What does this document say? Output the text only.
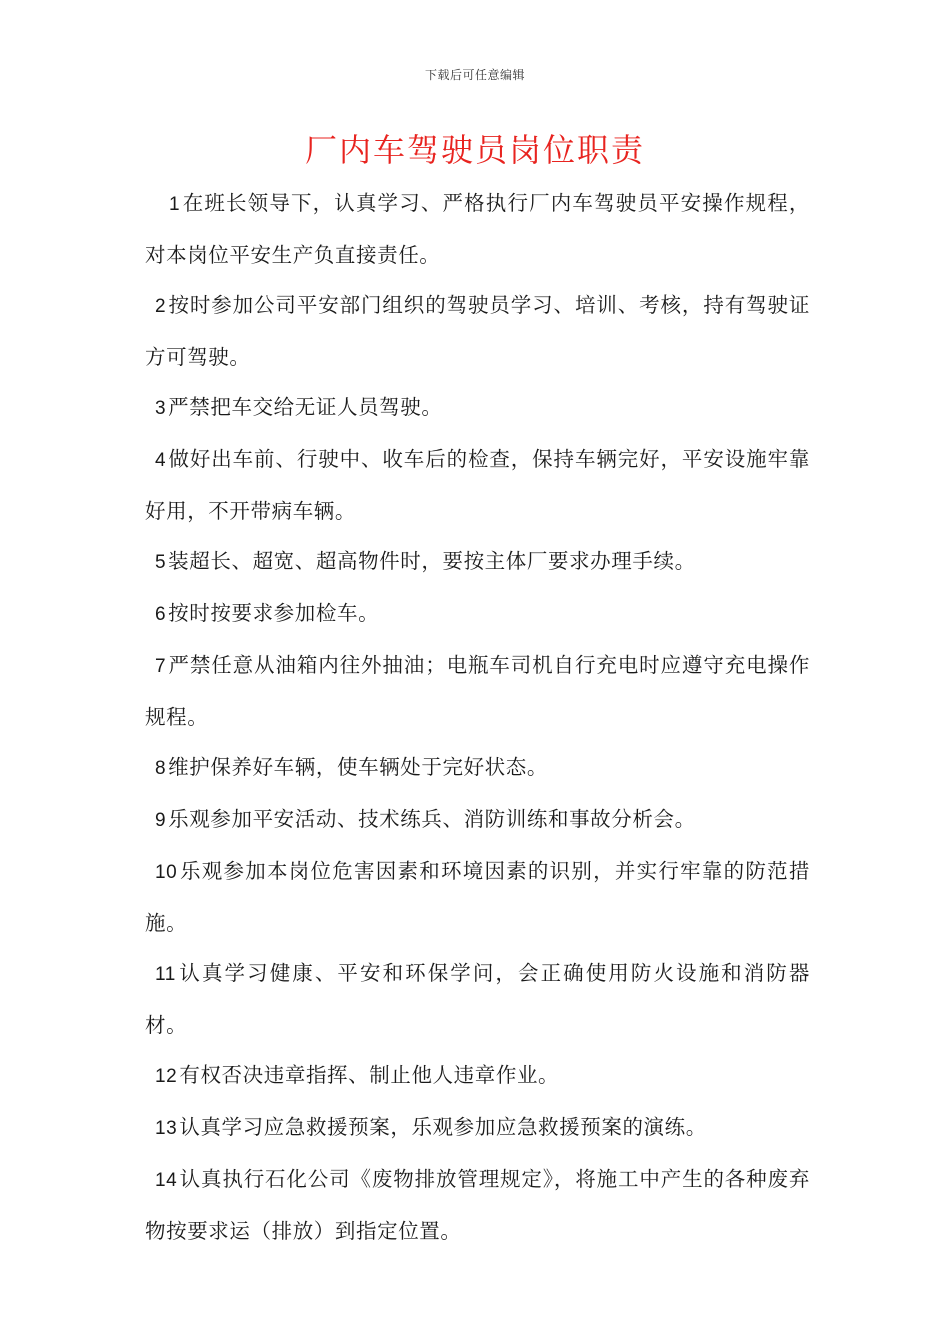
下载后可任意编辑
厂内车驾驶员岗位职责

1在班长领导下，认真学习、严格执行厂内车驾驶员平安操作规程，对本岗位平安生产负直接责任。

2按时参加公司平安部门组织的驾驶员学习、培训、考核，持有驾驶证方可驾驶。

3严禁把车交给无证人员驾驶。

4做好出车前、行驶中、收车后的检查，保持车辆完好，平安设施牢靠好用，不开带病车辆。

5装超长、超宽、超高物件时，要按主体厂要求办理手续。

6按时按要求参加检车。

7严禁任意从油箱内往外抽油；电瓶车司机自行充电时应遵守充电操作规程。

8维护保养好车辆，使车辆处于完好状态。

9乐观参加平安活动、技术练兵、消防训练和事故分析会。

10乐观参加本岗位危害因素和环境因素的识别，并实行牢靠的防范措施。

11认真学习健康、平安和环保学问，会正确使用防火设施和消防器材。

12有权否决违章指挥、制止他人违章作业。

13认真学习应急救援预案，乐观参加应急救援预案的演练。

14认真执行石化公司《废物排放管理规定》，将施工中产生的各种废弃物按要求运（排放）到指定位置。
